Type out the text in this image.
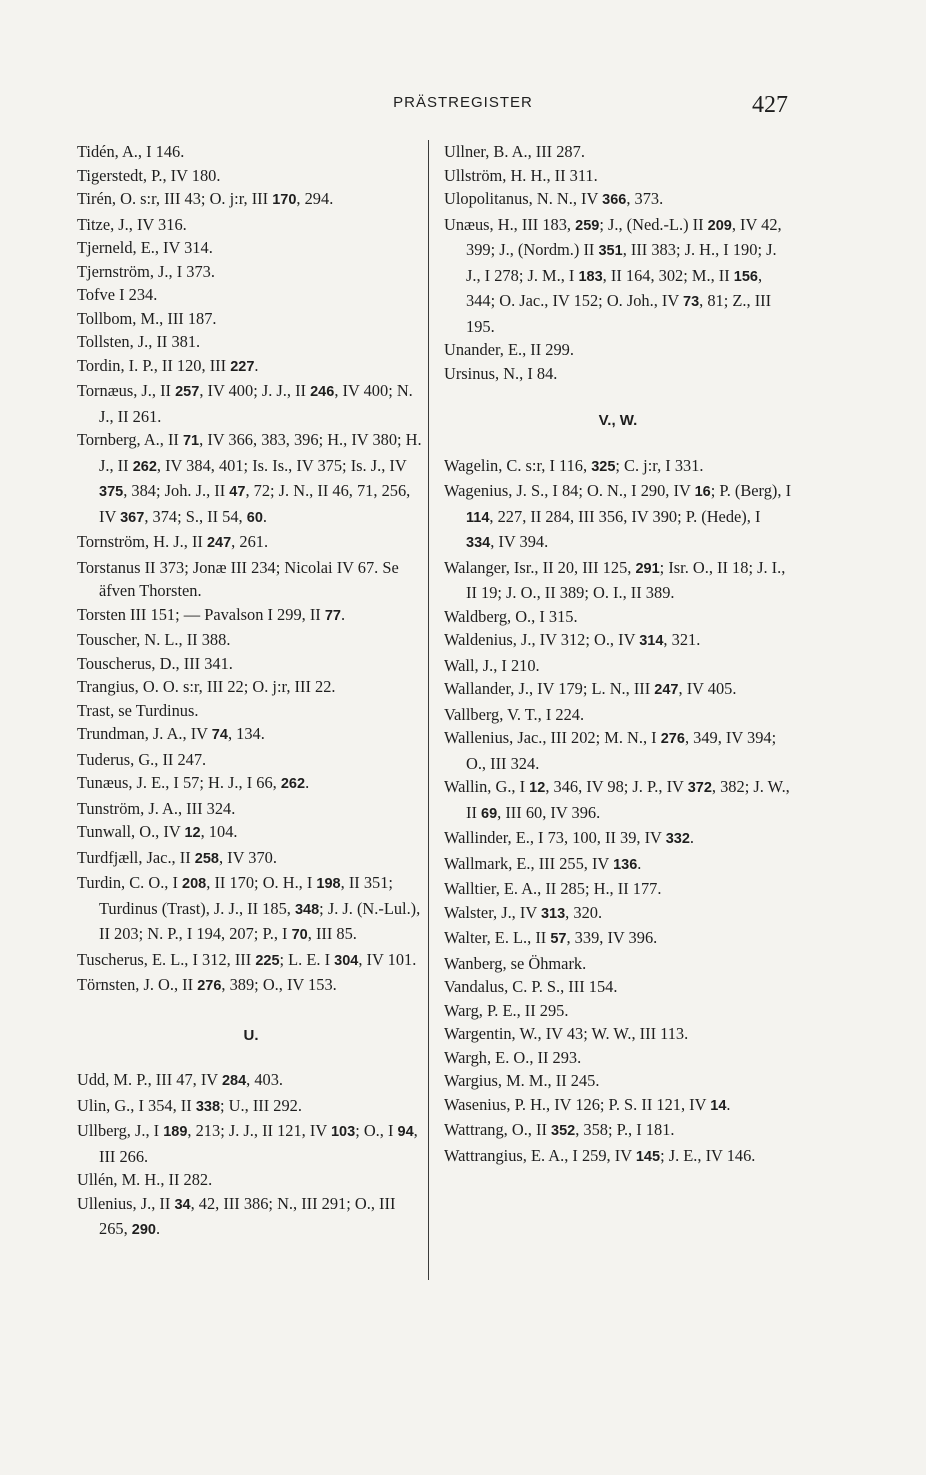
PRÄSTREGISTER	427

Tidén, A., I 146.

Tigerstedt, P., IV 180.

Tirén, O. s:r, III 43; O. j:r, III 170, 294.

Titze, J., IV 316.

Tjerneld, E., IV 314.

Tjernström, J., I 373.

Tofve I 234.

Tollbom, M., III 187.

Tollsten, J., II 381.

Tordin, I. P., II 120, III 227.

Tornæus, J., II 257, IV 400; J. J., II 246, IV 400; N. J., II 261.

Tornberg, A., II 71, IV 366, 383, 396; H., IV 380; H. J., II 262, IV 384, 401; Is. Is., IV 375; Is. J., IV 375, 384; Joh. J., II 47, 72; J. N., II 46, 71, 256, IV 367, 374; S., II 54, 60.

Tornström, H. J., II 247, 261.

Torstanus II 373; Jonæ III 234; Nicolai IV 67. Se äfven Thorsten.

Torsten III 151; — Pavalson I 299, II 77.

Touscher, N. L., II 388.

Touscherus, D., III 341.

Trangius, O. O. s:r, III 22; O. j:r, III 22.

Trast, se Turdinus.

Trundman, J. A., IV 74, 134.

Tuderus, G., II 247.

Tunæus, J. E., I 57; H. J., I 66, 262.

Tunström, J. A., III 324.

Tunwall, O., IV 12, 104.

Turdfjæll, Jac., II 258, IV 370.

Turdin, C. O., I 208, II 170; O. H., I 198, II 351; Turdinus (Trast), J. J., II 185, 348; J. J. (N.-Lul.), II 203; N. P., I 194, 207; P., I 70, III 85.

Tuscherus, E. L., I 312, III 225; L. E. I 304, IV 101.

Törnsten, J. O., II 276, 389; O., IV 153.

U.

Udd, M. P., III 47, IV 284, 403.

Ulin, G., I 354, II 338; U., III 292.

Ullberg, J., I 189, 213; J. J., II 121, IV 103; O., I 94, III 266.

Ullén, M. H., II 282.

Ullenius, J., II 34, 42, III 386; N., III 291; O., III 265, 290.

Ullner, B. A., III 287.

Ullström, H. H., II 311.

Ulopolitanus, N. N., IV 366, 373.

Unæus, H., III 183, 259; J., (Ned.-L.) II 209, IV 42, 399; J., (Nordm.) II 351, III 383; J. H., I 190; J. J., I 278; J. M., I 183, II 164, 302; M., II 156, 344; O. Jac., IV 152; O. Joh., IV 73, 81; Z., III 195.

Unander, E., II 299.

Ursinus, N., I 84.

V., W.

Wagelin, C. s:r, I 116, 325; C. j:r, I 331.

Wagenius, J. S., I 84; O. N., I 290, IV 16; P. (Berg), I 114, 227, II 284, III 356, IV 390; P. (Hede), I 334, IV 394.

Walanger, Isr., II 20, III 125, 291; Isr. O., II 18; J. I., II 19; J. O., II 389; O. I., II 389.

Waldberg, O., I 315.

Waldenius, J., IV 312; O., IV 314, 321.

Wall, J., I 210.

Wallander, J., IV 179; L. N., III 247, IV 405.

Vallberg, V. T., I 224.

Wallenius, Jac., III 202; M. N., I 276, 349, IV 394; O., III 324.

Wallin, G., I 12, 346, IV 98; J. P., IV 372, 382; J. W., II 69, III 60, IV 396.

Wallinder, E., I 73, 100, II 39, IV 332.

Wallmark, E., III 255, IV 136.

Walltier, E. A., II 285; H., II 177.

Walster, J., IV 313, 320.

Walter, E. L., II 57, 339, IV 396.

Wanberg, se Öhmark.

Vandalus, C. P. S., III 154.

Warg, P. E., II 295.

Wargentin, W., IV 43; W. W., III 113.

Wargh, E. O., II 293.

Wargius, M. M., II 245.

Wasenius, P. H., IV 126; P. S. II 121, IV 14.

Wattrang, O., II 352, 358; P., I 181.

Wattrangius, E. A., I 259, IV 145; J. E., IV 146.
